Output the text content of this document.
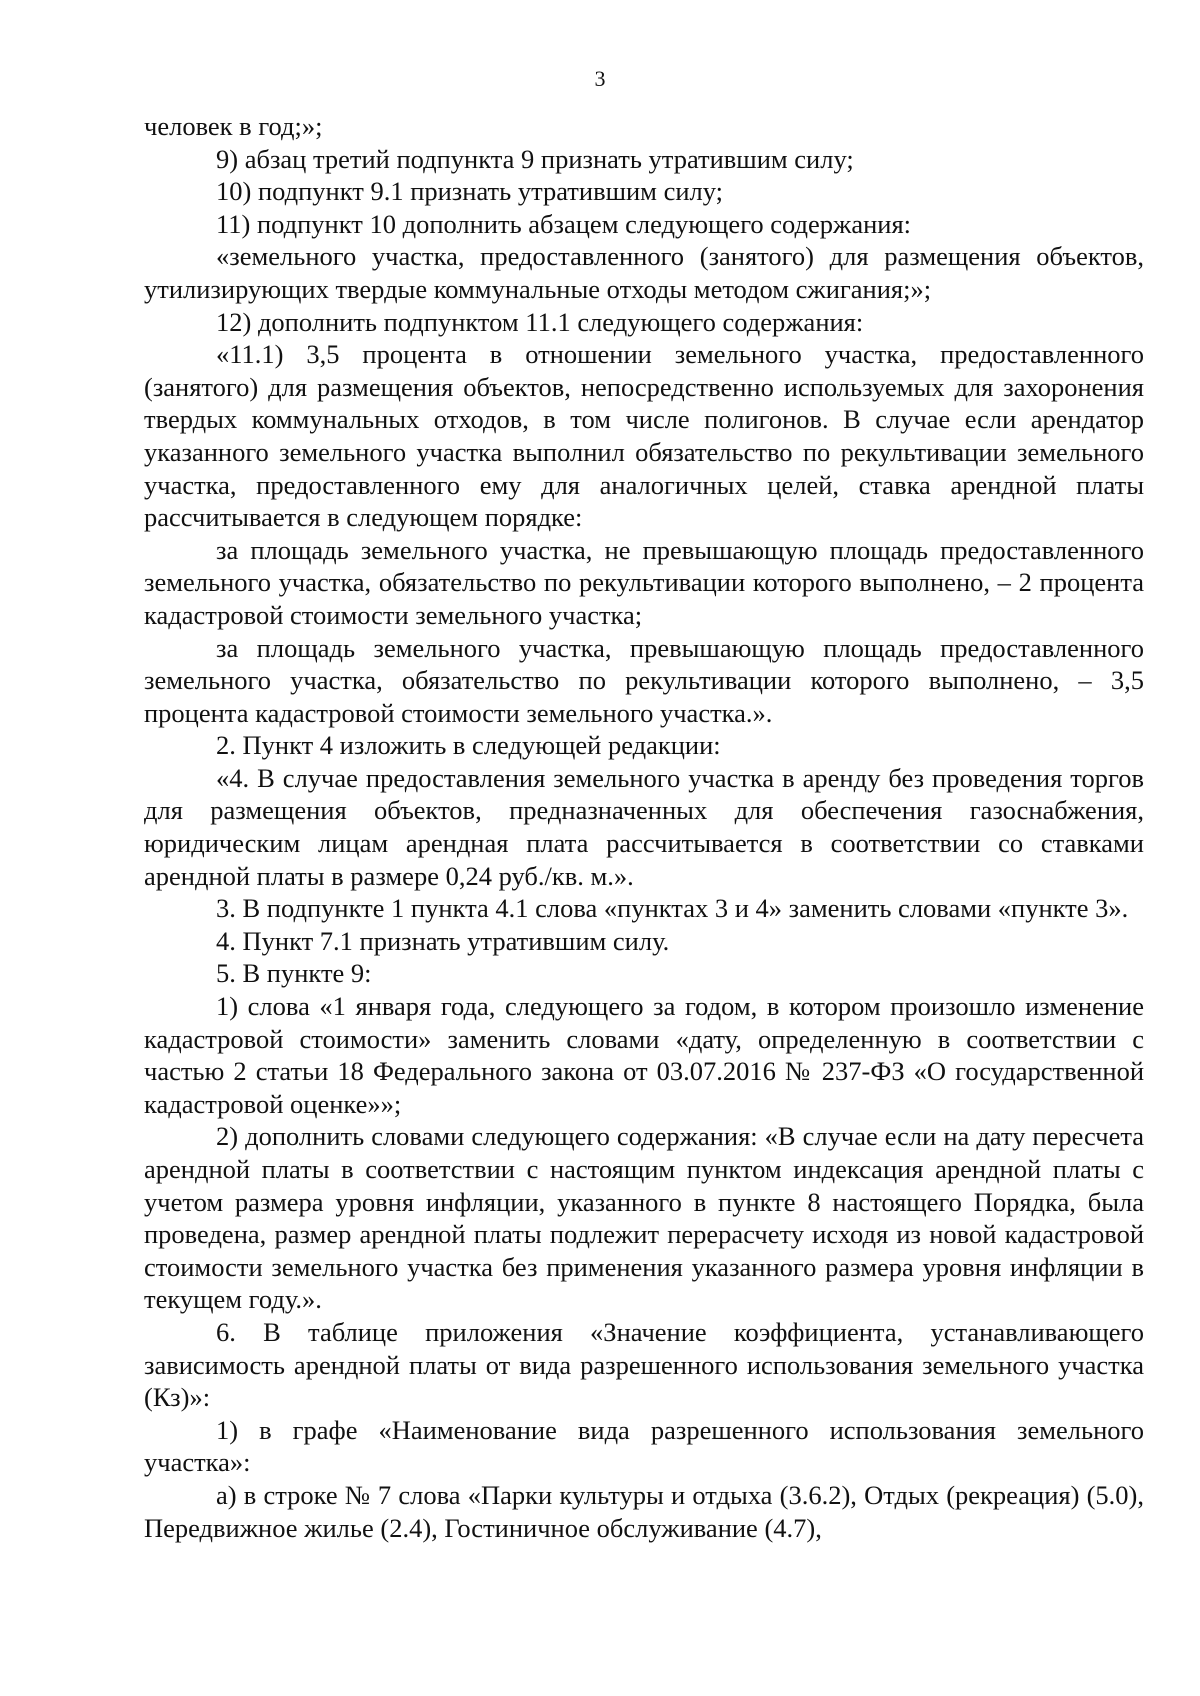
3
человек в год;»;
9) абзац третий подпункта 9 признать утратившим силу;
10) подпункт 9.1 признать утратившим силу;
11) подпункт 10 дополнить абзацем следующего содержания:
«земельного участка, предоставленного (занятого) для размещения объектов, утилизирующих твердые коммунальные отходы методом сжигания;»;
12) дополнить подпунктом 11.1 следующего содержания:
«11.1) 3,5 процента в отношении земельного участка, предоставленного (занятого) для размещения объектов, непосредственно используемых для захоронения твердых коммунальных отходов, в том числе полигонов. В случае если арендатор указанного земельного участка выполнил обязательство по рекультивации земельного участка, предоставленного ему для аналогичных целей, ставка арендной платы рассчитывается в следующем порядке:
за площадь земельного участка, не превышающую площадь предоставленного земельного участка, обязательство по рекультивации которого выполнено, – 2 процента кадастровой стоимости земельного участка;
за площадь земельного участка, превышающую площадь предоставленного земельного участка, обязательство по рекультивации которого выполнено, – 3,5 процента кадастровой стоимости земельного участка.».
2. Пункт 4 изложить в следующей редакции:
«4. В случае предоставления земельного участка в аренду без проведения торгов для размещения объектов, предназначенных для обеспечения газоснабжения, юридическим лицам арендная плата рассчитывается в соответствии со ставками арендной платы в размере 0,24 руб./кв. м.».
3. В подпункте 1 пункта 4.1 слова «пунктах 3 и 4» заменить словами «пункте 3».
4. Пункт 7.1 признать утратившим силу.
5. В пункте 9:
1) слова «1 января года, следующего за годом, в котором произошло изменение кадастровой стоимости» заменить словами «дату, определенную в соответствии с частью 2 статьи 18 Федерального закона от 03.07.2016 № 237-ФЗ «О государственной кадастровой оценке»»;
2) дополнить словами следующего содержания: «В случае если на дату пересчета арендной платы в соответствии с настоящим пунктом индексация арендной платы с учетом размера уровня инфляции, указанного в пункте 8 настоящего Порядка, была проведена, размер арендной платы подлежит перерасчету исходя из новой кадастровой стоимости земельного участка без применения указанного размера уровня инфляции в текущем году.».
6. В таблице приложения «Значение коэффициента, устанавливающего зависимость арендной платы от вида разрешенного использования земельного участка (Кз)»:
1) в графе «Наименование вида разрешенного использования земельного участка»:
а) в строке № 7 слова «Парки культуры и отдыха (3.6.2), Отдых (рекреация) (5.0), Передвижное жилье (2.4), Гостиничное обслуживание (4.7),
